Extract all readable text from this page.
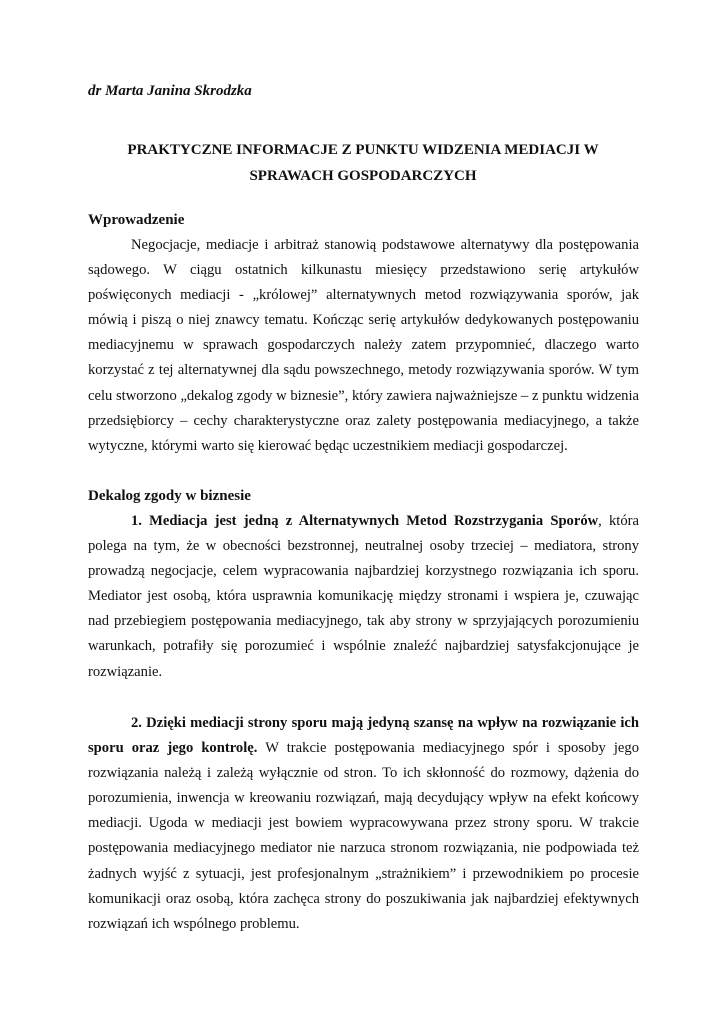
dr Marta Janina Skrodzka
PRAKTYCZNE INFORMACJE Z PUNKTU WIDZENIA MEDIACJI W SPRAWACH GOSPODARCZYCH
Wprowadzenie

Negocjacje, mediacje i arbitraż stanowią podstawowe alternatywy dla postępowania sądowego. W ciągu ostatnich kilkunastu miesięcy przedstawiono serię artykułów poświęconych mediacji - „królowej” alternatywnych metod rozwiązywania sporów, jak mówią i piszą o niej znawcy tematu. Kończąc serię artykułów dedykowanych postępowaniu mediacyjnemu w sprawach gospodarczych należy zatem przypomnieć, dlaczego warto korzystać z tej alternatywnej dla sądu powszechnego, metody rozwiązywania sporów. W tym celu stworzono „dekalog zgody w biznesie”, który zawiera najważniejsze – z punktu widzenia przedsiębiorcy – cechy charakterystyczne oraz zalety postępowania mediacyjnego, a także wytyczne, którymi warto się kierować będąc uczestnikiem mediacji gospodarczej.

Dekalog zgody w biznesie

1. Mediacja jest jedną z Alternatywnych Metod Rozstrzygania Sporów, która polega na tym, że w obecności bezstronnej, neutralnej osoby trzeciej – mediatora, strony prowadzą negocjacje, celem wypracowania najbardziej korzystnego rozwiązania ich sporu. Mediator jest osobą, która usprawnia komunikację między stronami i wspiera je, czuwając nad przebiegiem postępowania mediacyjnego, tak aby strony w sprzyjających porozumieniu warunkach, potrafiły się porozumieć i wspólnie znaleźć najbardziej satysfakcjonujące je rozwiązanie.

2. Dzięki mediacji strony sporu mają jedyną szansę na wpływ na rozwiązanie ich sporu oraz jego kontrolę. W trakcie postępowania mediacyjnego spór i sposoby jego rozwiązania należą i zależą wyłącznie od stron. To ich skłonność do rozmowy, dążenia do porozumienia, inwencja w kreowaniu rozwiązań, mają decydujący wpływ na efekt końcowy mediacji. Ugoda w mediacji jest bowiem wypracowywana przez strony sporu. W trakcie postępowania mediacyjnego mediator nie narzuca stronom rozwiązania, nie podpowiada też żadnych wyjść z sytuacji, jest profesjonalnym „strażnikiem” i przewodnikiem po procesie komunikacji oraz osobą, która zachęca strony do poszukiwania jak najbardziej efektywnych rozwiązań ich wspólnego problemu.
